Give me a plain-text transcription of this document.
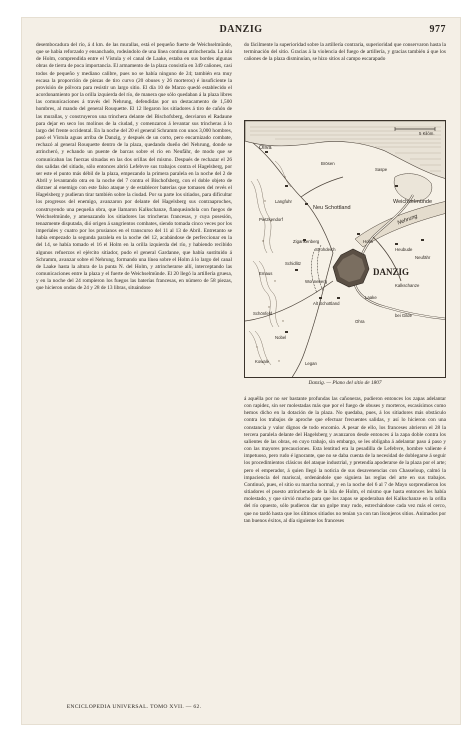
DANZIG	977
desembocadura del río, á 4 km. de las murallas, está el pequeño fuerte de Weichselmünde, que se había reforzado y ensanchado, rodeándolo de una línea continua atrincherada. La isla de Holm, comprendida entre el Vístula y el canal de Laake, estaba en sus bordes algunas obras de tierra de poca importancia. El armamento de la plaza consistía en 349 cañones, casi todos de pequeño y mediano calibre, pues no se había ninguno de 24; también era muy escasa la proporción de piezas de tiro curvo (20 obuses y 26 morteros) é insuficiente la provisión de pólvora para resistir un largo sitio. El día 10 de Marzo quedó establecido el acordonamiento por la orilla izquierda del río, de manera que sólo quedaban á la plaza libres las comunicaciones á través del Nehrung, defendidas por un destacamento de 1,500 hombres, al mando del general Rouquette. El 12 llegaron los sitiadores á tiro de cañón de las murallas, y construyeron una trinchera delante del Bischofsberg, desviaron el Radaune para dejar en seco los molinos de la ciudad, y comenzaron á levantar sus trincheras á lo largo del frente occidental. En la noche del 20 el general Schramm con unos 3,000 hombres, pasó el Vístula aguas arriba de Danzig, y después de un corto, pero encarnizado combate, rechazó al general Rouquette dentro de la plaza, quedando dueño del Nehrung, donde se atrincheró, y echando un puente de barcas sobre el río en Neufähr, de modo que se comunicaban las fuerzas situadas en las dos orillas del mismo. Después de rechazar el 26 dos salidas del sitiado, sólo entonces abrió Lefebvre sus trabajos contra el Hagelsberg, por ser este el punto más débil de la plaza, empezando la primera paralela en la noche del 2 de Abril y levantando otra en la noche del 7 contra el Bischofsberg, con el doble objeto de distraer al enemigo con este falso ataque y de establecer baterías que tomasen del revés el Hagelsberg y pudieran tirar también sobre la ciudad. Por su parte los sitiados, para dificultar los progresos del enemigo, avanzaron por delante del Hagelsberg sus contraaproches, construyendo una pequeña obra, que llamaron Kalkschanze, flanqueándola con fuegos de Weichselmünde, y amenazando los sitiadores las trincheras francesas, y cuya posesión, tenazmente disputada, dió origen á sangrientos combates, siendo tomada cinco veces por los imperiales y cuatro por los prusianos en el transcurso del 11 al 13 de Abril. Entretanto se había empezado la segunda paralela en la noche del 12, acabándose de perfeccionar en la del 14, se había tomado el 16 el Holm en la orilla izquierda del río, y habiendo recibido algunos refuerzos el ejército sitiador, pudo el general Gardanne, que había sustituido á Schramm, avanzar sobre el Nehrung, formando una línea sobre el Holm á lo largo del canal de Laake hasta la altura de la punta N. del Holm, y atrincherarse allí, interceptando las comunicaciones entre la plaza y el fuerte de Weichselmünde. El 20 llegó la artillería gruesa, y en la noche del 24 rompieron los fuegos las baterías francesas, en número de 58 piezas, que hicieron ondas de 24 y 28 de 13 libras, situándose
do fácilmente la superioridad sobre la artillería contraria, superioridad que conservaron hasta la terminación del sitio. Gracias á la violencia del fuego de artillería, y gracias también á que los cañones de la plaza disminuían, se hizo sitios al campo escarapado
5 Kilóm.
Oliva
Brösen
Saspe
Weichselmünde
Langfuhr
Neu Schottland
Nehrung
Pietzkendorf
Holm
Zigankenberg
Heubude
Strohdeich
Neufähr
Schidlitz
DANZIG
Kalkschanze
Emaus
Wonneberg
Laake
Alt Schottland
Schönfeld	bei Gilde
Ohra
Nobel
Kowale	Legan
Danzig. — Plano del sitio de 1807
á aquélla por no ser bastante profundas las cañoneras, pudieron entonces los zapas adelantar con rapidez, sin ser molestadas más que por el fuego de obuses y morteros, escasísimos como hemos dicho en la dotación de la plaza. No quedaba, pues, á los sitiadores más obstáculo contra los trabajos de aproche que efectuar frecuentes salidas, y así lo hicieron con una constancia y valor dignos de todo encomio. A pesar de ello, los franceses abrieron el 28 la tercera paralela delante del Hagelsberg y avanzaron desde entonces á la zapa doble contra los salientes de las obras, en cuyo trabajo, sin embargo, se les obligaba á adelantar paso á paso y con las mayores precauciones. Esta lentitud era la pesadilla de Lefebvre, hombre valiente é impetuoso, pero rudo é ignorante, que no se daba cuenta de la necesidad de doblegarse á seguir los procedimientos clásicos del ataque industrial, y pretendía apoderarse de la plaza por el arte; pero el emperador, á quien llegó la noticia de sus desavenencias con Chasseloup, calmó la impaciencia del mariscal, ordenándole que siguiera las reglas del arte en sus trabajos. Continuó, pues, el sitio su marcha normal, y en la noche del 6 al 7 de Mayo sorprendieron los sitiadores el puesto atrincherado de la isla de Holm, el mismo que hasta entonces les había molestado, y que sirvió mucho para que los zapas se apoderaban del Kalkschanze en la orilla del río opuesto, sólo pudieron dar un golpe muy rudo, estrechándose cada vez más el cerco, que no tardó hasta que los últimos sitiados no tenían ya con tan lisonjeros sitios. Animados por tan buenos éxitos, al día siguiente los franceses
ENCICLOPEDIA UNIVERSAL. TOMO XVII. — 62.
